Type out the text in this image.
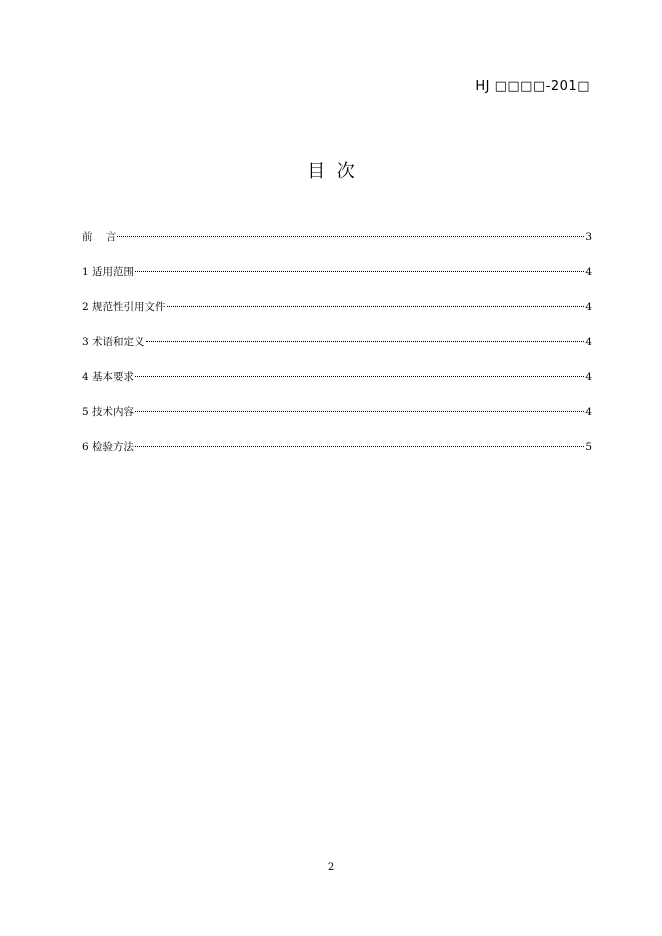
HJ □□□□-201□
目  次
前    言	3
1 适用范围	4
2 规范性引用文件	4
3 术语和定义	4
4 基本要求	4
5 技术内容	4
6 检验方法	5
2
